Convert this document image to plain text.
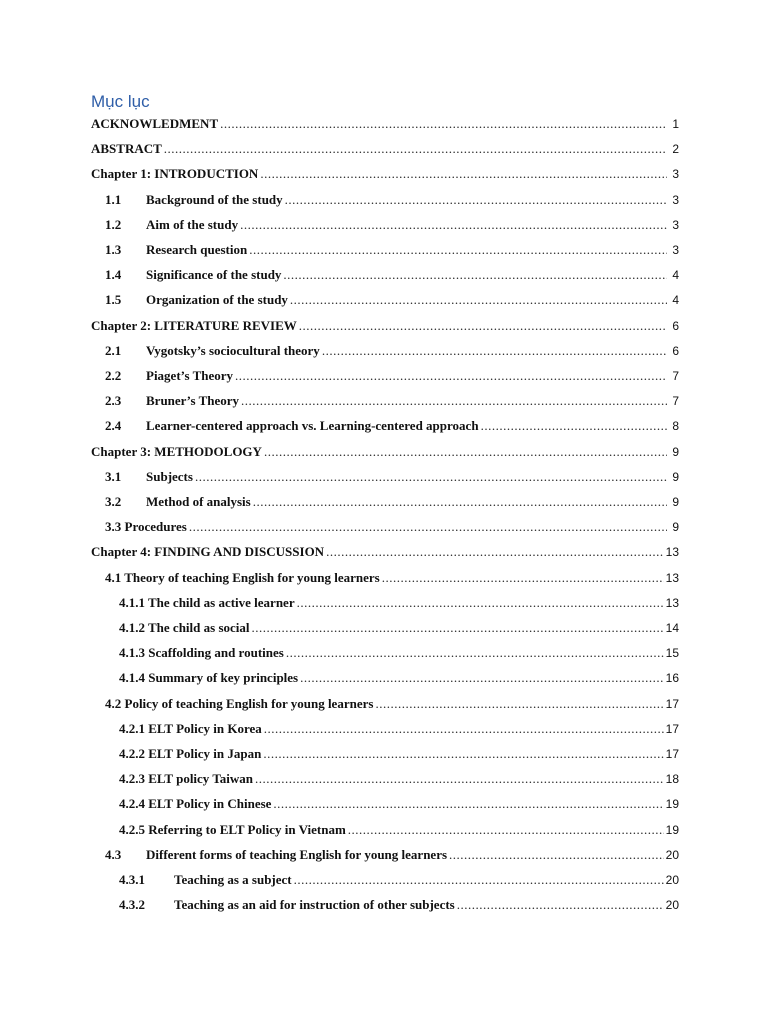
Mục lục
ACKNOWLEDMENT .....	1
ABSTRACT .....	2
Chapter 1: INTRODUCTION .....	3
1.1	Background of the study .....	3
1.2	Aim of the study .....	3
1.3	Research question .....	3
1.4	Significance of the study .....	4
1.5	Organization of the study .....	4
Chapter 2: LITERATURE REVIEW .....	6
2.1	Vygotsky’s sociocultural theory .....	6
2.2	Piaget’s Theory .....	7
2.3	Bruner’s Theory .....	7
2.4	Learner-centered approach vs. Learning-centered approach .....	8
Chapter 3: METHODOLOGY .....	9
3.1	Subjects .....	9
3.2	Method of analysis .....	9
3.3 Procedures .....	9
Chapter 4: FINDING AND DISCUSSION .....	13
4.1 Theory of teaching English for young learners .....	13
4.1.1 The child as active learner .....	13
4.1.2 The child as social .....	14
4.1.3 Scaffolding and routines .....	15
4.1.4 Summary of key principles .....	16
4.2 Policy of teaching English for young learners .....	17
4.2.1 ELT Policy in Korea .....	17
4.2.2 ELT Policy in Japan .....	17
4.2.3 ELT policy Taiwan .....	18
4.2.4 ELT Policy in Chinese .....	19
4.2.5 Referring to ELT Policy in Vietnam .....	19
4.3	Different forms of teaching English for young learners .....	20
4.3.1	Teaching as a subject .....	20
4.3.2	Teaching as an aid for instruction of other subjects .....	20
